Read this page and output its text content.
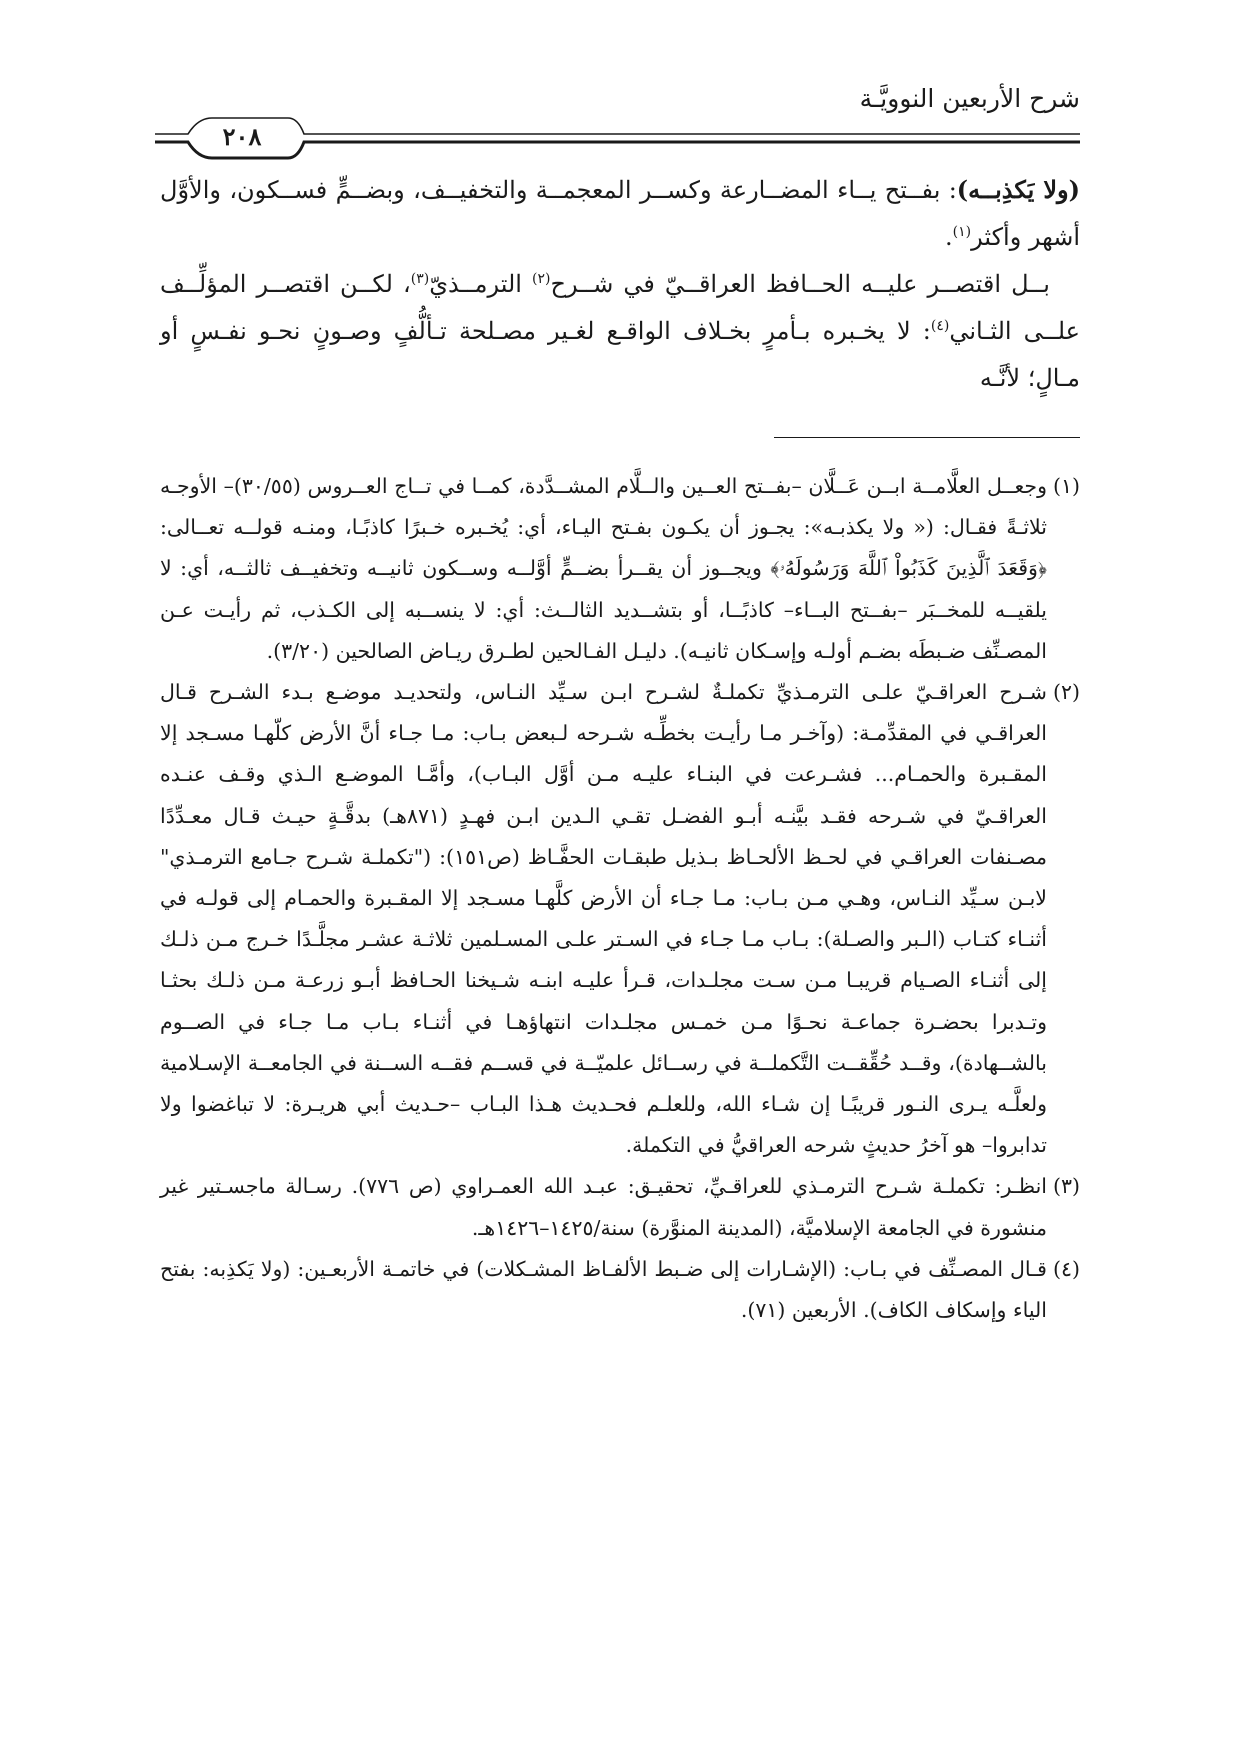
شرح الأربعين النوويَّـة
٢٠٨

(ولا يَكذِبــه): بفــتح يــاء المضــارعة وكســر المعجمــة والتخفيــف، وبضــمٍّ فســكون، والأوَّل أشهر وأكثر$^{(١)}$.

بــل اقتصــر عليــه الحــافظ العراقــيّ في شــرح$^{(٢)}$ الترمــذيّ$^{(٣)}$، لكــن اقتصــر المؤلِّــف علــى الثـاني$^{(٤)}$: لا يخـبره بـأمرٍ بخـلاف الواقـع لغـير مصـلحة تـألُّفٍ وصـونٍ نحـو نفـسٍ أو مـالٍ؛ لأنَّـه

(١)
وجعــل العلَّامــة ابــن عَــلَّان –بفــتح العــين والــلَّام المشــدَّدة، كمــا في تــاج العــروس (٣٠/٥٥)– الأوجـه ثلاثـةً فقـال: (« ولا يكذبـه»: يجـوز أن يكـون بفـتح اليـاء، أي: يُخـبره خـبرًا كاذبًـا، ومنـه قولــه تعــالى: ﴿وَقَعَدَ ٱلَّذِينَ كَذَبُواْ ٱللَّهَ وَرَسُولَهُۥ﴾ ويجــوز أن يقــرأ بضــمٍّ أوَّلــه وســكون ثانيــه وتخفيــف ثالثــه، أي: لا يلقيــه للمخــبَر –بفــتح البــاء– كاذبًــا، أو بتشــديد الثالــث: أي: لا ينســبه إلى الكـذب، ثم رأيـت عـن المصـنِّف ضـبطَه بضـم أولـه وإسـكان ثانيـه). دليـل الفـالحين لطـرق ريـاض الصالحين (٣/٢٠).
(٢)
شـرح العراقـيّ علـى الترمـذيِّ تكملـةٌ لشـرح ابـن سـيِّد النـاس، ولتحديـد موضـع بـدء الشـرح قـال العراقـي في المقدِّمـة: (وآخـر مـا رأيـت بخطِّـه شـرحه لـبعض بـاب: مـا جـاء أنَّ الأرض كلّهـا مسـجد إلا المقـبرة والحمـام... فشـرعت في البنـاء عليـه مـن أوَّل البـاب)، وأمَّـا الموضـع الـذي وقـف عنـده العراقـيّ في شـرحه فقـد بيَّنـه أبـو الفضـل تقـي الـدين ابـن فهـدٍ (٨٧١هـ) بدقَّـةٍ حيـث قـال معـدِّدًا مصـنفات العراقـي في لحـظ الألحـاظ بـذيل طبقـات الحفَّـاظ (ص١٥١): ("تكملـة شـرح جـامع الترمـذي" لابـن سـيِّد النـاس، وهـي مـن بـاب: مـا جـاء أن الأرض كلَّهـا مسـجد إلا المقـبرة والحمـام إلى قولـه في أثنـاء كتـاب (الـبر والصـلة): بـاب مـا جـاء في السـتر علـى المسـلمين ثلاثـة عشـر مجلَّـدًا خـرج مـن ذلـك إلى أثنـاء الصـيام قريبـا مـن سـت مجلـدات، قـرأ عليـه ابنـه شـيخنا الحـافظ أبـو زرعـة مـن ذلـك بحثـا وتـدبرا بحضـرة جماعـة نحـوًا مـن خمـس مجلـدات انتهاؤهـا في أثنـاء بـاب مـا جـاء في الصــوم بالشــهادة)، وقــد حُقِّقــت التَّكملــة في رســائل علميّــة في قســم فقــه الســنة في الجامعــة الإسـلامية ولعلَّـه يـرى النـور قريبًـا إن شـاء الله، وللعلـم فحـديث هـذا البـاب –حـديث أبي هريـرة: لا تباغضوا ولا تدابروا– هو آخرُ حديثٍ شرحه العراقيُّ في التكملة.
(٣)
انظـر: تكملـة شـرح الترمـذي للعراقـيِّ، تحقيـق: عبـد الله العمـراوي (ص ٧٧٦). رسـالة ماجسـتير غير منشورة في الجامعة الإسلاميَّة، (المدينة المنوَّرة) سنة/١٤٢٥–١٤٢٦هـ.
(٤)
قـال المصـنِّف في بـاب: (الإشـارات إلى ضـبط الألفـاظ المشـكلات) في خاتمـة الأربعـين: (ولا يَكذِبه: بفتح الياء وإسكاف الكاف). الأربعين (٧١).
